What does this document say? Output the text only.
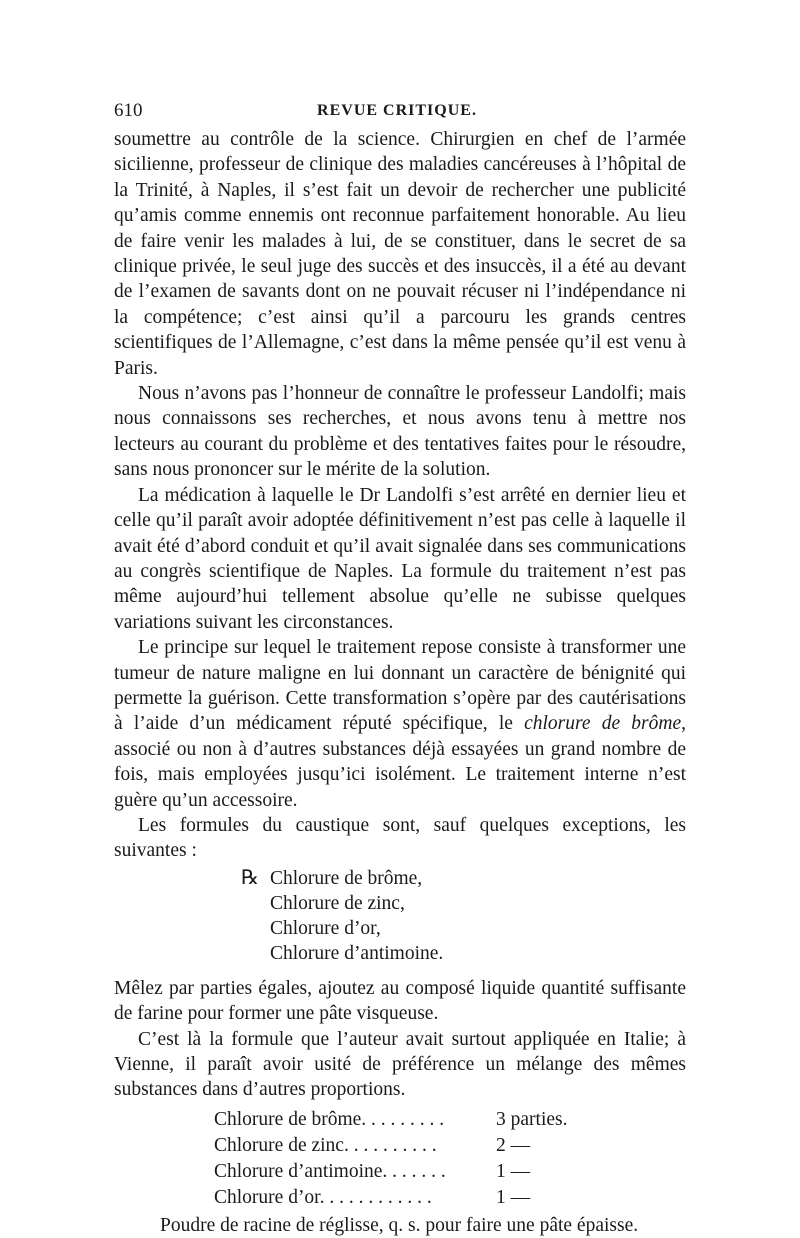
610	REVUE CRITIQUE.

soumettre au contrôle de la science. Chirurgien en chef de l’armée sicilienne, professeur de clinique des maladies cancéreuses à l’hôpital de la Trinité, à Naples, il s’est fait un devoir de rechercher une publicité qu’amis comme ennemis ont reconnue parfaitement honorable. Au lieu de faire venir les malades à lui, de se constituer, dans le secret de sa clinique privée, le seul juge des succès et des insuccès, il a été au devant de l’examen de savants dont on ne pouvait récuser ni l’indépendance ni la compétence; c’est ainsi qu’il a parcouru les grands centres scientifiques de l’Allemagne, c’est dans la même pensée qu’il est venu à Paris.

Nous n’avons pas l’honneur de connaître le professeur Landolfi; mais nous connaissons ses recherches, et nous avons tenu à mettre nos lecteurs au courant du problème et des tentatives faites pour le résoudre, sans nous prononcer sur le mérite de la solution.

La médication à laquelle le Dr Landolfi s’est arrêté en dernier lieu et celle qu’il paraît avoir adoptée définitivement n’est pas celle à laquelle il avait été d’abord conduit et qu’il avait signalée dans ses communications au congrès scientifique de Naples. La formule du traitement n’est pas même aujourd’hui tellement absolue qu’elle ne subisse quelques variations suivant les circonstances.

Le principe sur lequel le traitement repose consiste à transformer une tumeur de nature maligne en lui donnant un caractère de bénignité qui permette la guérison. Cette transformation s’opère par des cautérisations à l’aide d’un médicament réputé spécifique, le chlorure de brôme, associé ou non à d’autres substances déjà essayées un grand nombre de fois, mais employées jusqu’ici isolément. Le traitement interne n’est guère qu’un accessoire.

Les formules du caustique sont, sauf quelques exceptions, les suivantes :

℞ Chlorure de brôme,
Chlorure de zinc,
Chlorure d’or,
Chlorure d’antimoine.

Mêlez par parties égales, ajoutez au composé liquide quantité suffisante de farine pour former une pâte visqueuse.

C’est là la formule que l’auteur avait surtout appliquée en Italie; à Vienne, il paraît avoir usité de préférence un mélange des mêmes substances dans d’autres proportions.

Chlorure de brôme. . . . . . . . .	3 parties.
Chlorure de zinc. . . . . . . . . .	2 —
Chlorure d’antimoine. . . . . . .	1 —
Chlorure d’or. . . . . . . . . . . .	1 —

Poudre de racine de réglisse, q. s. pour faire une pâte épaisse.
